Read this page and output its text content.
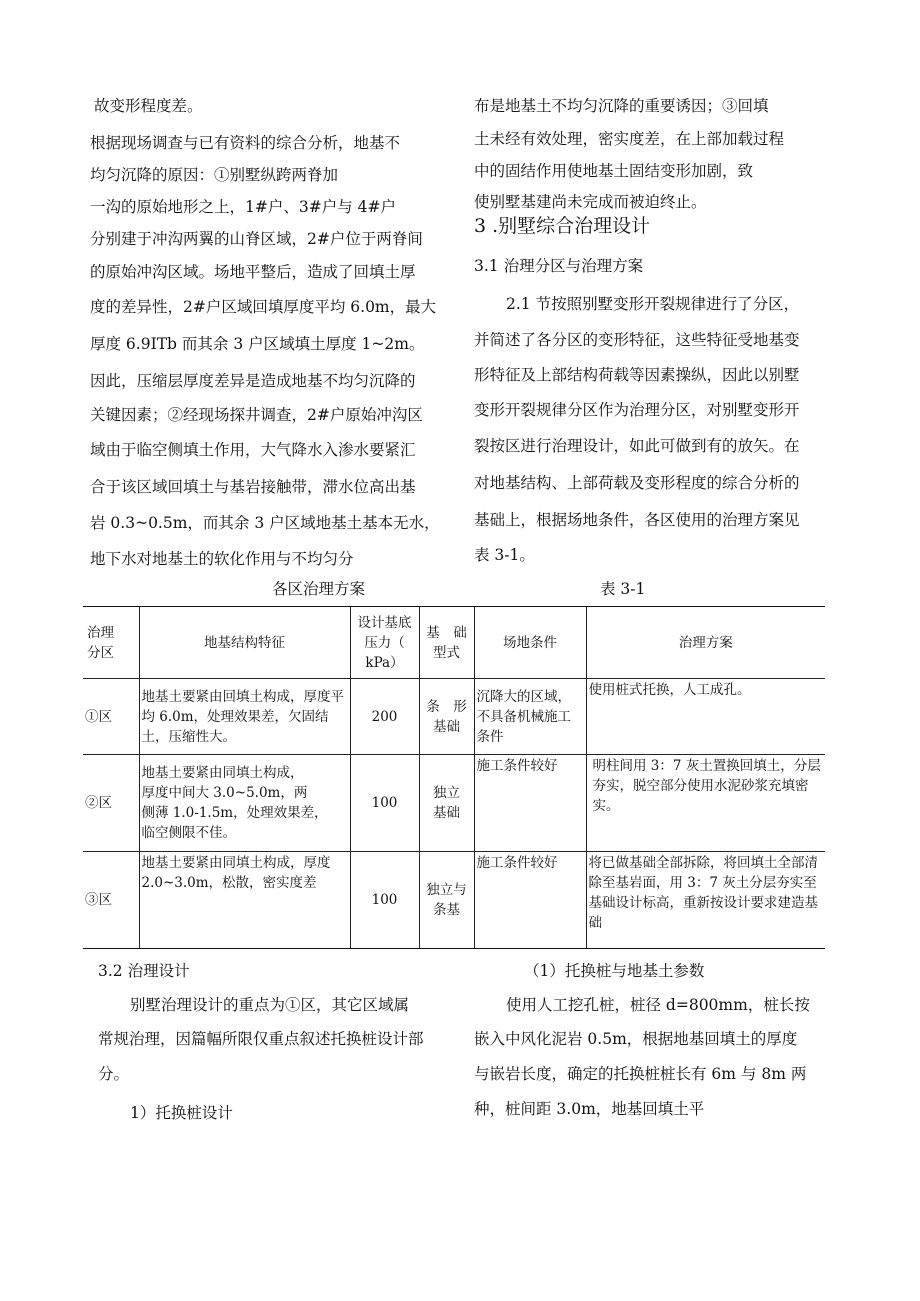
故变形程度差。
根据现场调查与已有资料的综合分析，地基不
均匀沉降的原因：①别墅纵跨两脊加
一沟的原始地形之上，1#户、3#户与 4#户
分别建于冲沟两翼的山脊区域，2#户位于两脊间
的原始冲沟区域。场地平整后，造成了回填土厚
度的差异性，2#户区域回填厚度平均 6.0m，最大
厚度 6.9ITb 而其余 3 户区域填土厚度 1~2m。
因此，压缩层厚度差异是造成地基不均匀沉降的
关键因素；②经现场探井调查，2#户原始冲沟区
域由于临空侧填土作用，大气降水入渗水要紧汇
合于该区域回填土与基岩接触带，滞水位高出基
岩 0.3~0.5m，而其余 3 户区域地基土基本无水，
地下水对地基土的软化作用与不均匀分
布是地基土不均匀沉降的重要诱因；③回填
土未经有效处理，密实度差，在上部加载过程
中的固结作用使地基土固结变形加剧，致
使别墅基建尚未完成而被迫终止。
3 .别墅综合治理设计
3.1 治理分区与治理方案
2.1 节按照别墅变形开裂规律进行了分区，
并简述了各分区的变形特征，这些特征受地基变
形特征及上部结构荷载等因素操纵，因此以别墅
变形开裂规律分区作为治理分区，对别墅变形开
裂按区进行治理设计，如此可做到有的放矢。在
对地基结构、上部荷载及变形程度的综合分析的
基础上，根据场地条件，各区使用的治理方案见
表 3-1。
各区治理方案	表 3-1
治理
分区	地基结构特征	设计基底
压力（
kPa）	基　础
型式	场地条件	治理方案
①区	地基土要紧由回填土构成，厚度平均 6.0m，处理效果差，欠固结土，压缩性大。	200	条　形
基础	沉降大的区域，不具备机械施工条件	使用桩式托换，人工成孔。
②区	地基土要紧由同填土构成，
厚度中间大 3.0~5.0m，两
侧薄 1.0-1.5m，处理效果差，
临空侧限不佳。	100	独立
基础	施工条件较好	明柱间用 3：7 灰土置换回填土，分层夯实，脱空部分使用水泥砂浆充填密实。
③区	地基土要紧由同填土构成，厚度 2.0~3.0m，松散，密实度差	100	独立与
条基	施工条件较好	将已做基础全部拆除，将回填土全部清除至基岩面，用 3：7 灰土分层夯实至基础设计标高，重新按设计要求建造基础
3.2 治理设计
别墅治理设计的重点为①区，其它区域属
常规治理，因篇幅所限仅重点叙述托换桩设计部
分。
1）托换桩设计
（1）托换桩与地基土参数
使用人工挖孔桩，桩径 d=800mm，桩长按
嵌入中风化泥岩 0.5m，根据地基回填土的厚度
与嵌岩长度，确定的托换桩桩长有 6m 与 8m 两
种，桩间距 3.0m，地基回填土平
